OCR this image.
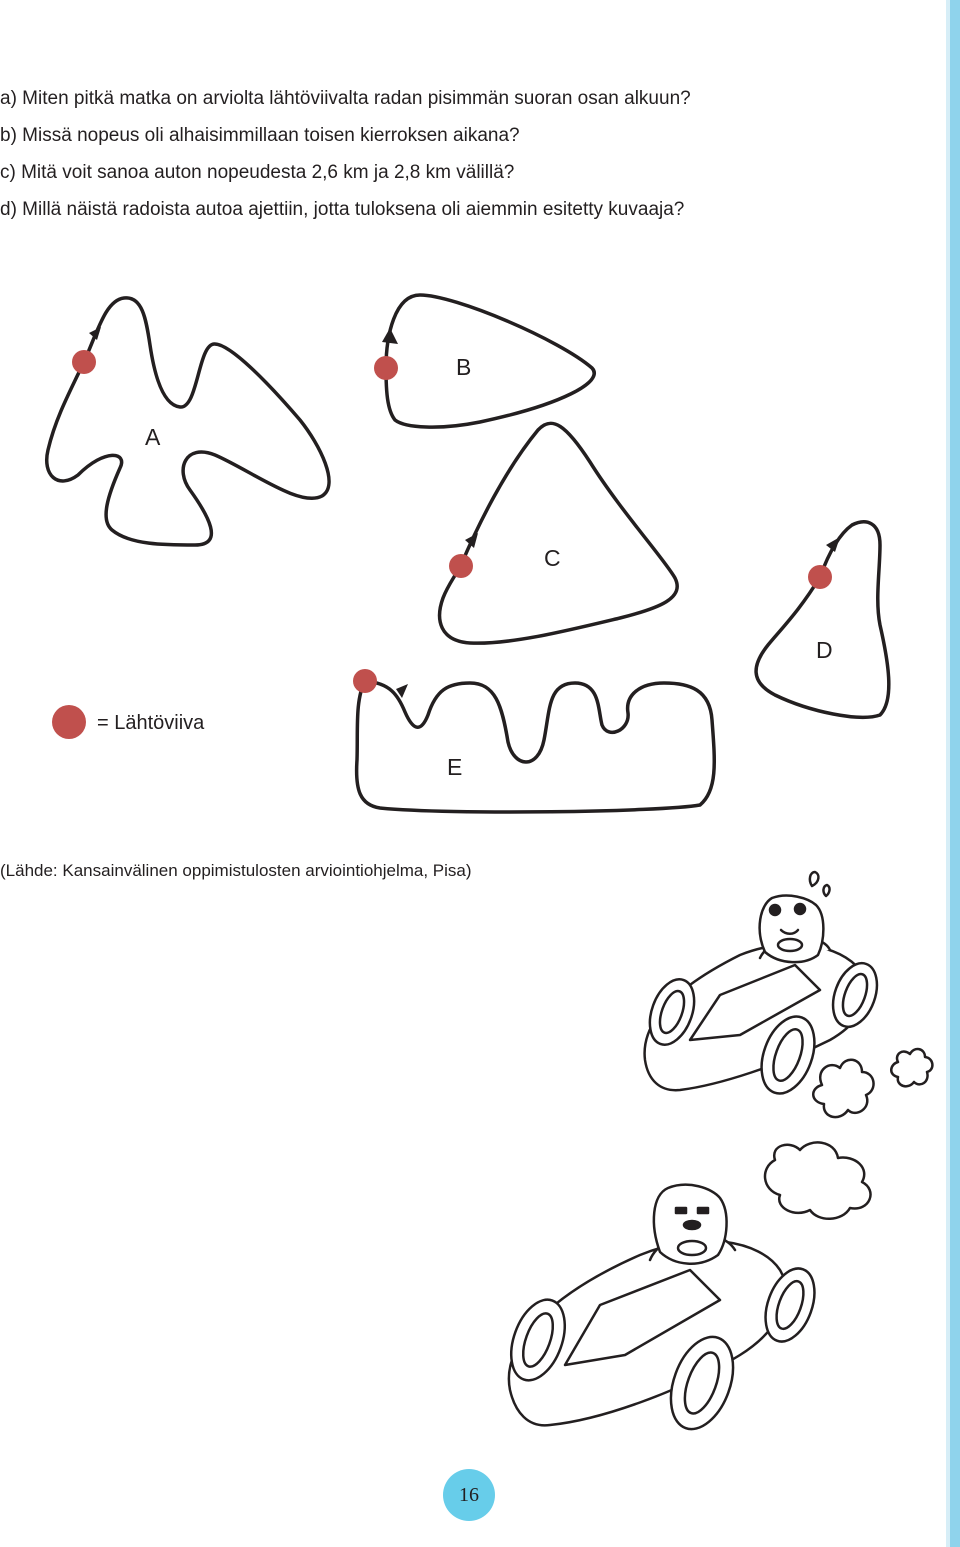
a) Miten pitkä matka on arviolta lähtöviivalta radan pisimmän suoran osan alkuun?
b) Missä nopeus oli alhaisimmillaan toisen kierroksen aikana?
c) Mitä voit sanoa auton nopeudesta 2,6 km ja 2,8 km välillä?
d) Millä näistä radoista autoa ajettiin, jotta tuloksena oli aiemmin esitetty kuvaaja?
A
B
C
D
E
= Lähtöviiva
(Lähde: Kansainvälinen oppimistulosten arviointiohjelma, Pisa)
16
